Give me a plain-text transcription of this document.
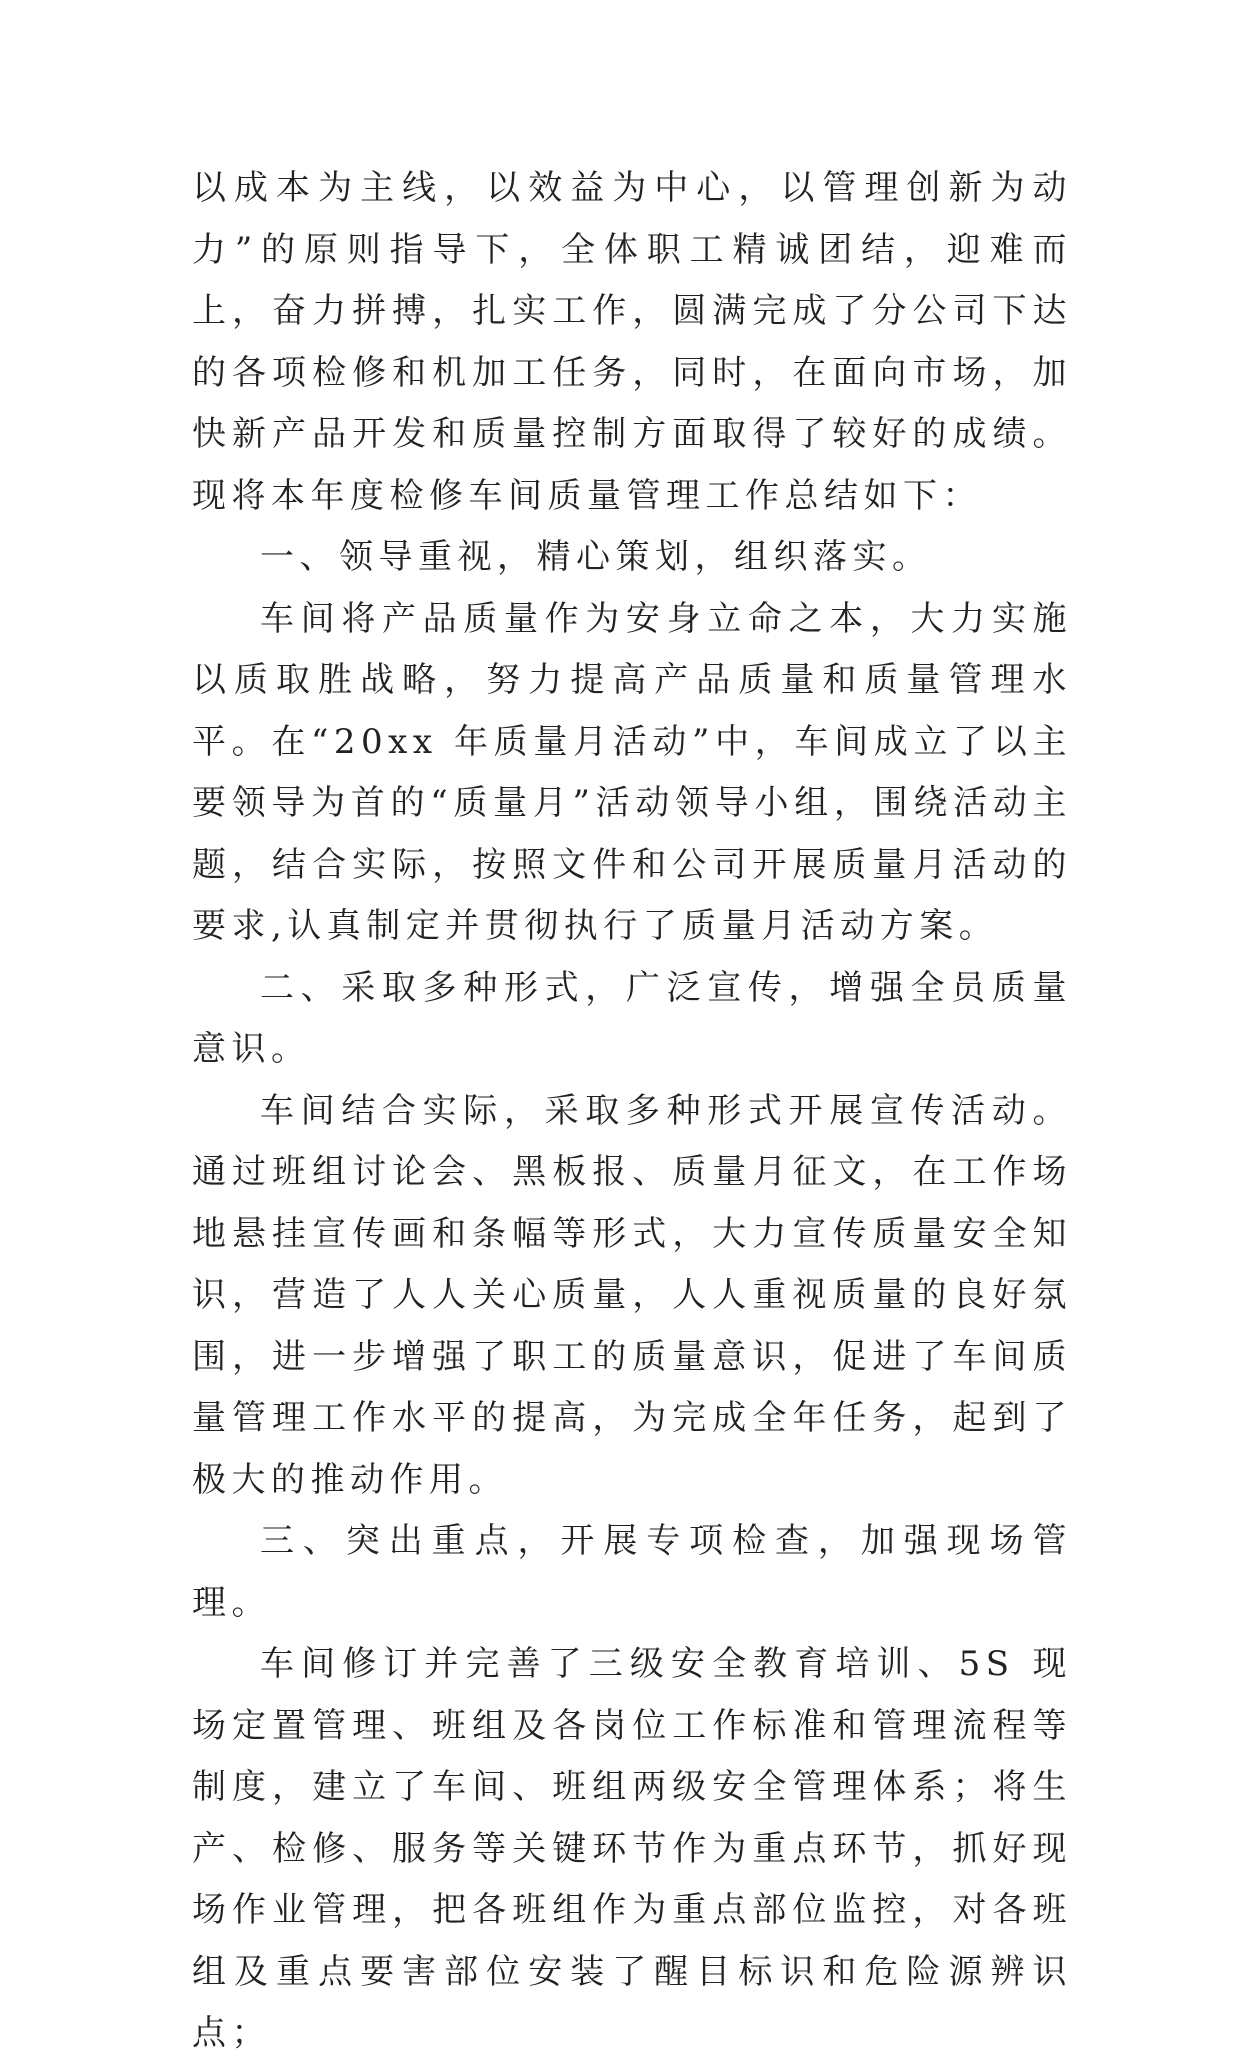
以成本为主线，以效益为中心，以管理创新为动力”的原则指导下，全体职工精诚团结，迎难而上，奋力拼搏，扎实工作，圆满完成了分公司下达的各项检修和机加工任务，同时，在面向市场，加快新产品开发和质量控制方面取得了较好的成绩。现将本年度检修车间质量管理工作总结如下：

一、领导重视，精心策划，组织落实。

车间将产品质量作为安身立命之本，大力实施以质取胜战略，努力提高产品质量和质量管理水平。在“20xx 年质量月活动”中，车间成立了以主要领导为首的“质量月”活动领导小组，围绕活动主题，结合实际，按照文件和公司开展质量月活动的要求,认真制定并贯彻执行了质量月活动方案。

二、采取多种形式，广泛宣传，增强全员质量意识。

车间结合实际，采取多种形式开展宣传活动。通过班组讨论会、黑板报、质量月征文，在工作场地悬挂宣传画和条幅等形式，大力宣传质量安全知识，营造了人人关心质量，人人重视质量的良好氛围，进一步增强了职工的质量意识，促进了车间质量管理工作水平的提高，为完成全年任务，起到了极大的推动作用。

三、突出重点，开展专项检查，加强现场管理。

车间修订并完善了三级安全教育培训、5S 现场定置管理、班组及各岗位工作标准和管理流程等制度，建立了车间、班组两级安全管理体系；将生产、检修、服务等关键环节作为重点环节，抓好现场作业管理，把各班组作为重点部位监控，对各班组及重点要害部位安装了醒目标识和危险源辨识点；
